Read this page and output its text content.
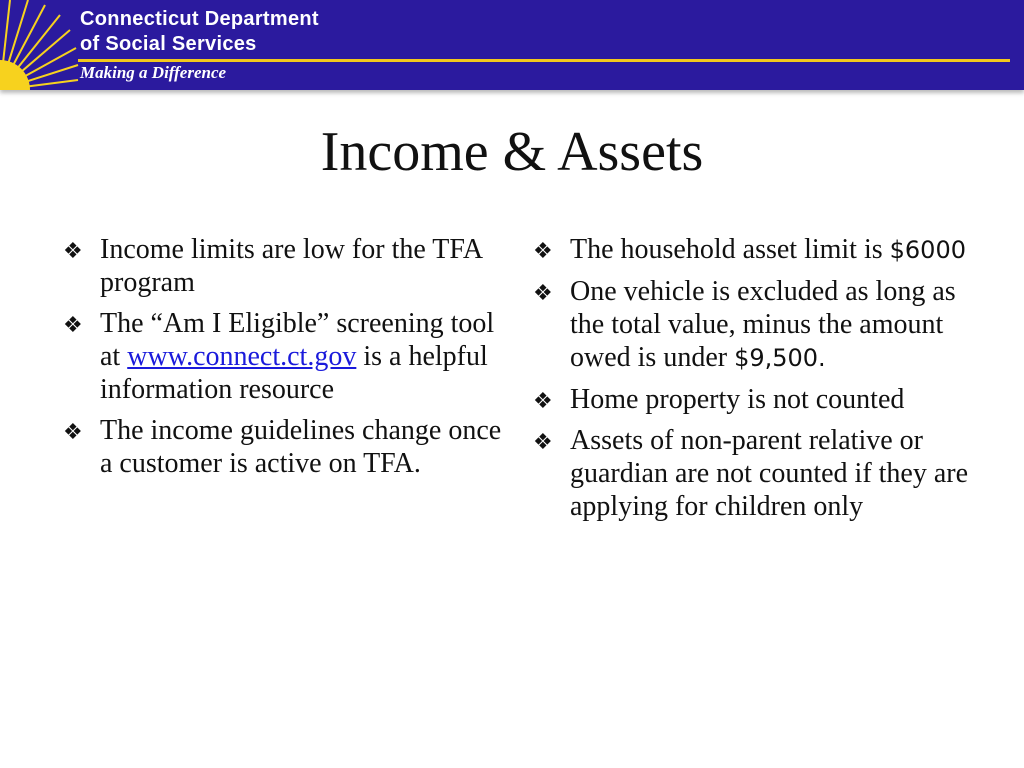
Connecticut Department
of Social Services
Making a Difference
Income & Assets
❖ Income limits are low for the TFA program
❖ The “Am I Eligible” screening tool at www.connect.ct.gov is a helpful information resource
❖ The income guidelines change once a customer is active on TFA.
❖ The household asset limit is $6000
❖ One vehicle is excluded as long as the total value, minus the amount owed is under $9,500.
❖ Home property is not counted
❖ Assets of non-parent relative or guardian are not counted if they are applying for children only
